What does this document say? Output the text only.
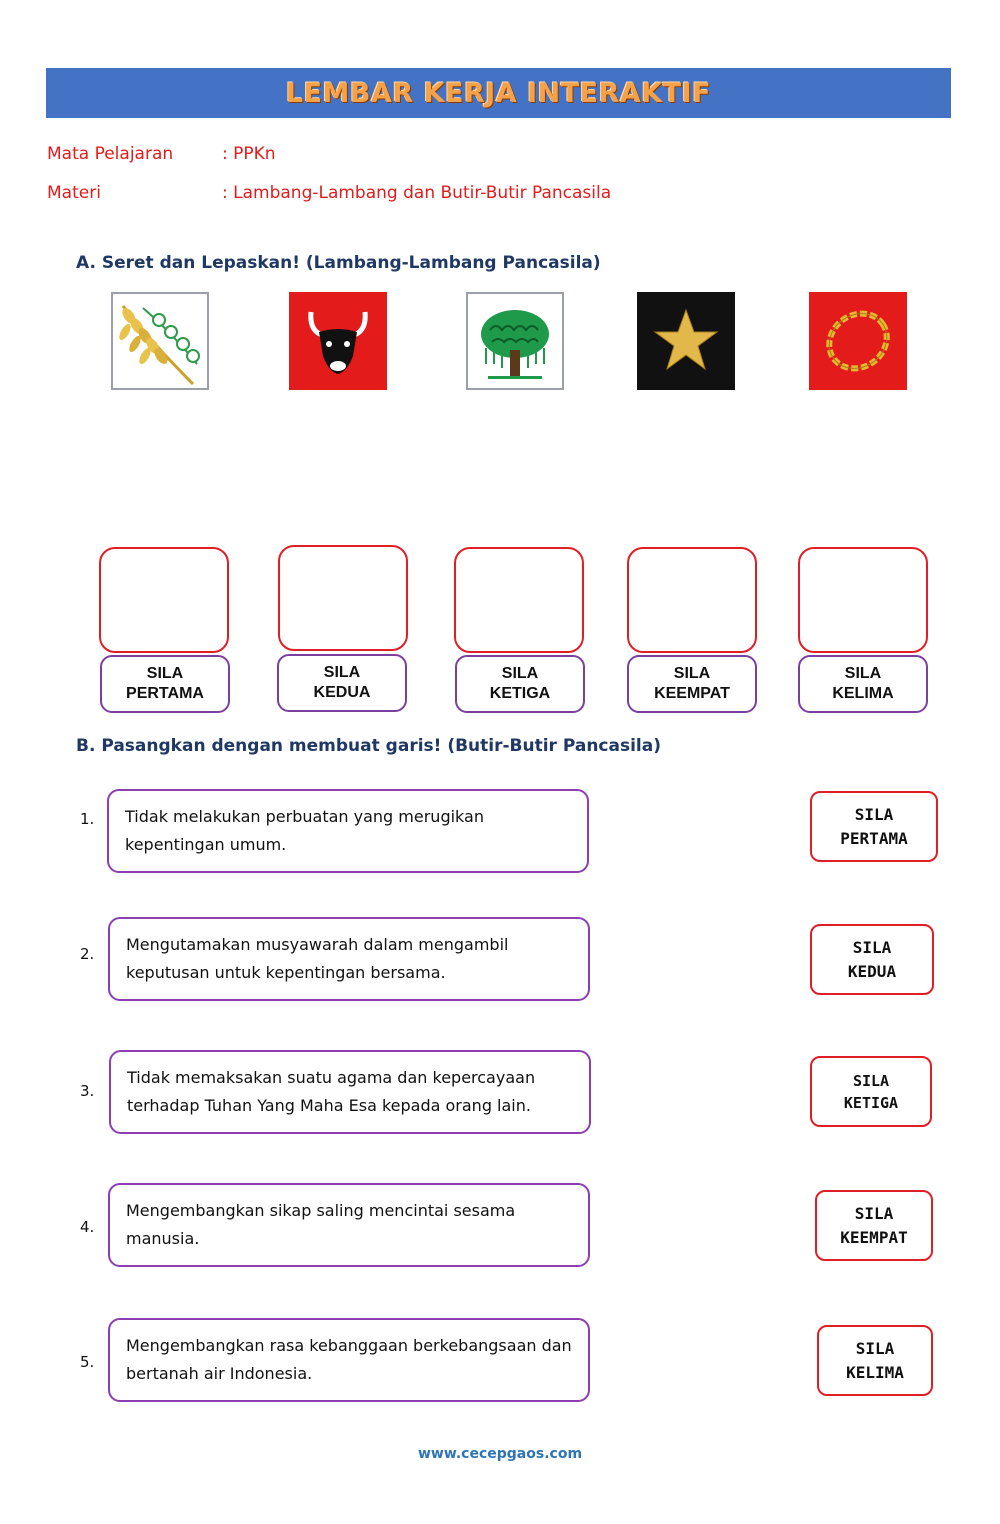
LEMBAR KERJA INTERAKTIF
Mata Pelajaran	: PPKn
Materi	: Lambang-Lambang dan Butir-Butir Pancasila
A. Seret dan Lepaskan! (Lambang-Lambang Pancasila)
SILA
PERTAMA
SILA
KEDUA
SILA
KETIGA
SILA
KEEMPAT
SILA
KELIMA
B. Pasangkan dengan membuat garis! (Butir-Butir Pancasila)
1. Tidak melakukan perbuatan yang merugikan
kepentingan umum.
2. Mengutamakan musyawarah dalam mengambil
keputusan untuk kepentingan bersama.
3.
Tidak memaksakan suatu agama dan kepercayaan
terhadap Tuhan Yang Maha Esa kepada orang lain.
4.
Mengembangkan sikap saling mencintai sesama
manusia.
5.
Mengembangkan rasa kebanggaan berkebangsaan dan
bertanah air Indonesia.
SILA
PERTAMA
SILA
KEDUA
SILA
KETIGA
SILA
KEEMPAT
SILA
KELIMA
www.cecepgaos.com
